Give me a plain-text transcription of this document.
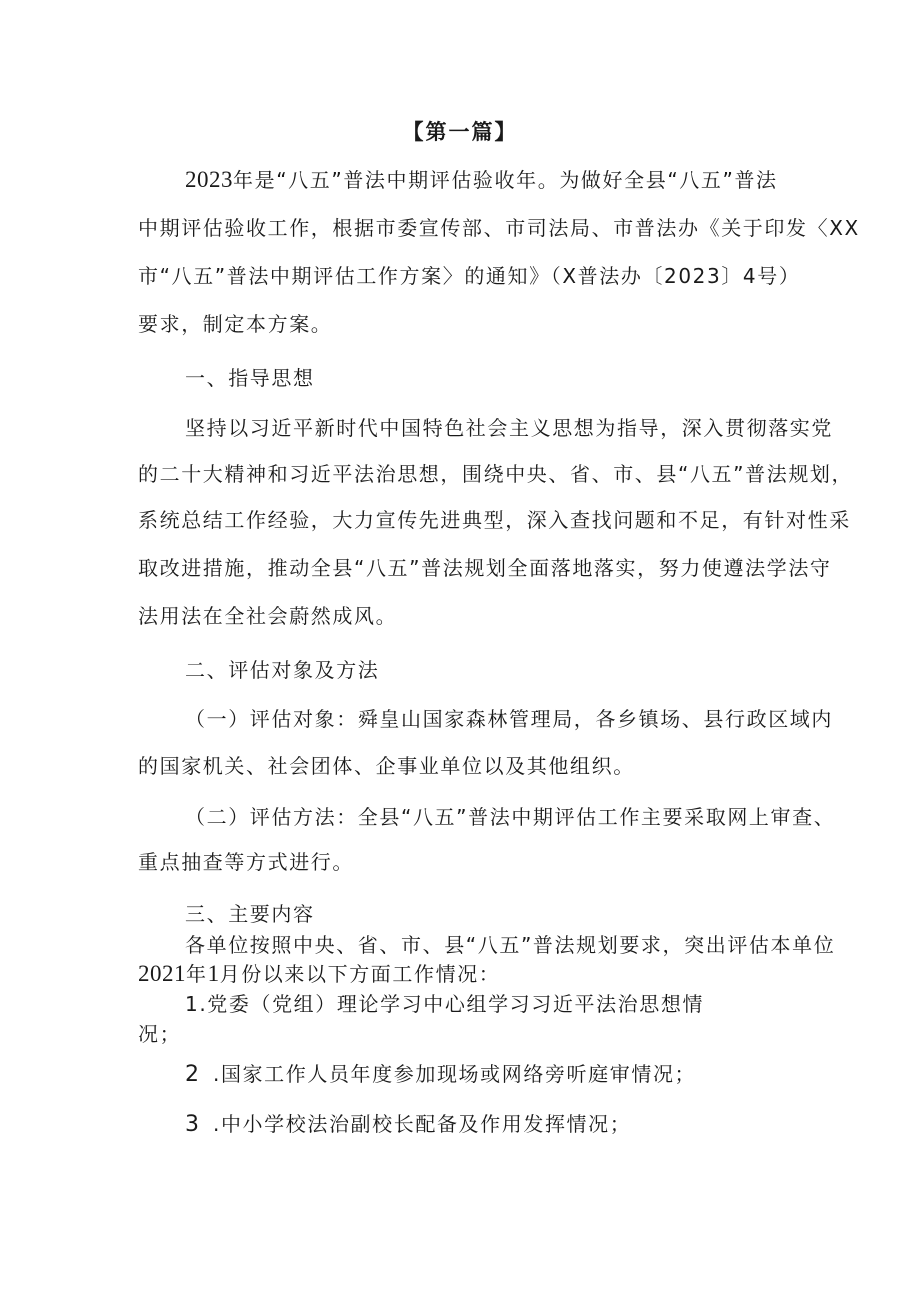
【第一篇】

2023年是“八五”普法中期评估验收年。为做好全县“八五”普法

中期评估验收工作，根据市委宣传部、市司法局、市普法办《关于印发〈XX

市“八五”普法中期评估工作方案〉的通知》（X普法办〔2023〕4号）

要求，制定本方案。

一、指导思想

坚持以习近平新时代中国特色社会主义思想为指导，深入贯彻落实党

的二十大精神和习近平法治思想，围绕中央、省、市、县“八五”普法规划，

系统总结工作经验，大力宣传先进典型，深入查找问题和不足，有针对性采

取改进措施，推动全县“八五”普法规划全面落地落实，努力使遵法学法守

法用法在全社会蔚然成风。

二、评估对象及方法

（一）评估对象：舜皇山国家森林管理局，各乡镇场、县行政区域内

的国家机关、社会团体、企事业单位以及其他组织。

（二）评估方法：全县“八五”普法中期评估工作主要采取网上审查、

重点抽查等方式进行。

三、主要内容

各单位按照中央、省、市、县“八五”普法规划要求，突出评估本单位

2021年1月份以来以下方面工作情况：

1.党委（党组）理论学习中心组学习习近平法治思想情

况；

2 .国家工作人员年度参加现场或网络旁听庭审情况；

3 .中小学校法治副校长配备及作用发挥情况；
